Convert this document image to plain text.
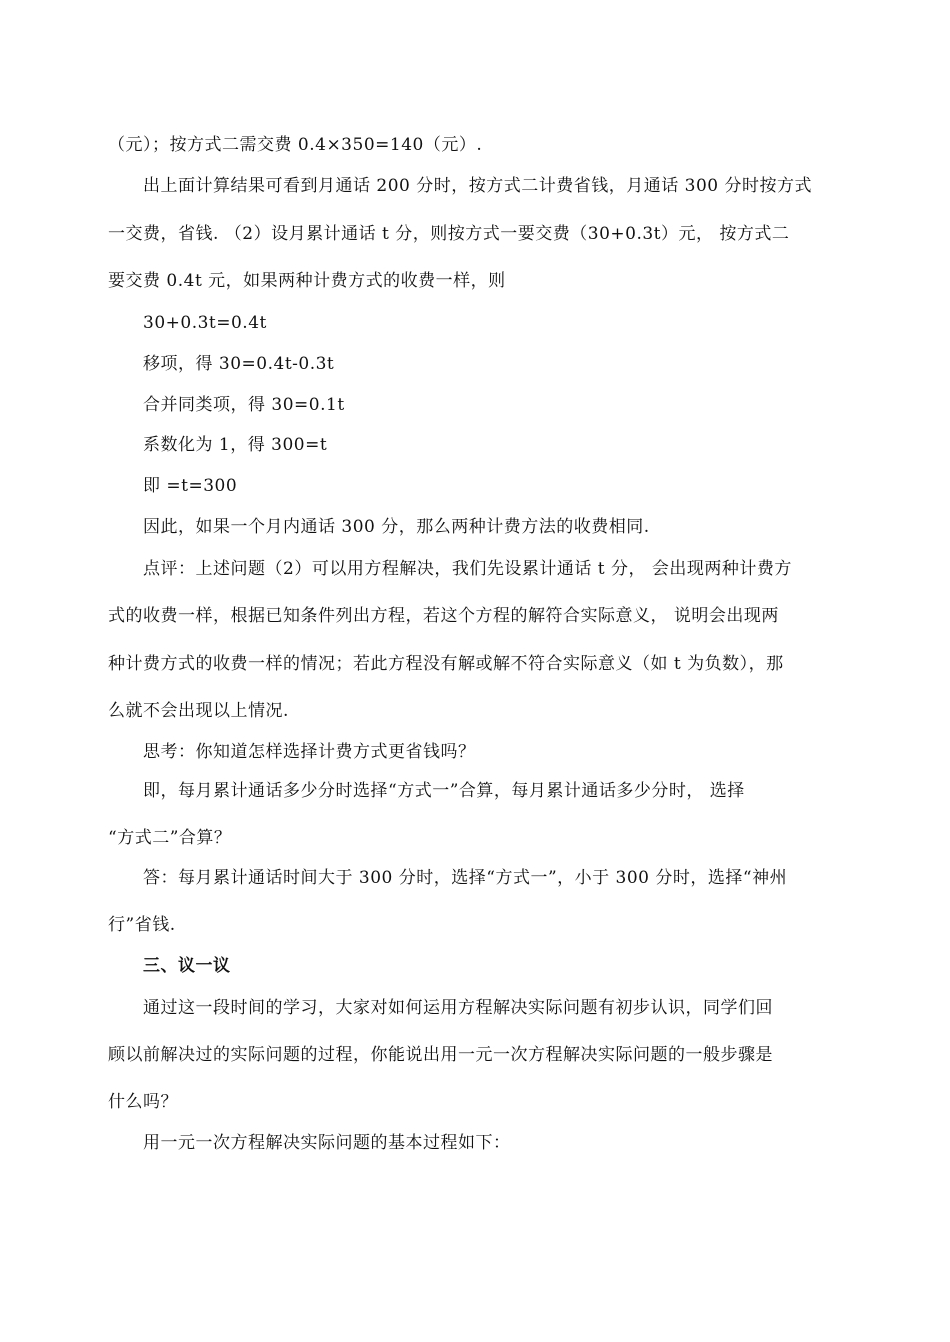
（元）；按方式二需交费 0.4×350=140（元）.
出上面计算结果可看到月通话 200 分时，按方式二计费省钱，月通话 300 分时按方式
一交费，省钱. （2）设月累计通话 t 分，则按方式一要交费（30+0.3t）元， 按方式二
要交费 0.4t 元，如果两种计费方式的收费一样，则
30+0.3t=0.4t
移项，得 30=0.4t-0.3t
合并同类项，得 30=0.1t
系数化为 1，得 300=t
即 =t=300
因此，如果一个月内通话 300 分，那么两种计费方法的收费相同.
点评：上述问题（2）可以用方程解决，我们先设累计通话 t 分， 会出现两种计费方
式的收费一样，根据已知条件列出方程，若这个方程的解符合实际意义， 说明会出现两
种计费方式的收费一样的情况；若此方程没有解或解不符合实际意义（如 t 为负数），那
么就不会出现以上情况.
思考：你知道怎样选择计费方式更省钱吗？
即，每月累计通话多少分时选择“方式一”合算，每月累计通话多少分时， 选择
“方式二”合算？
答：每月累计通话时间大于 300 分时，选择“方式一”，小于 300 分时，选择“神州
行”省钱.
三、议一议
通过这一段时间的学习，大家对如何运用方程解决实际问题有初步认识，同学们回
顾以前解决过的实际问题的过程，你能说出用一元一次方程解决实际问题的一般步骤是
什么吗？
用一元一次方程解决实际问题的基本过程如下：
